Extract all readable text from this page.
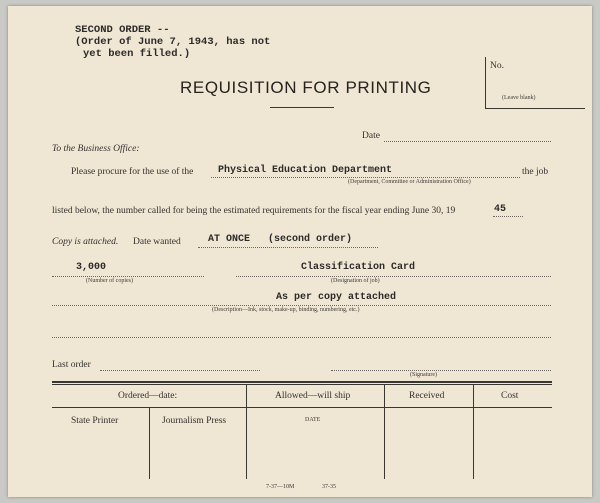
SECOND ORDER --
(Order of June 7, 1943, has not
yet been filled.)
No.
(Leave blank)
REQUISITION FOR PRINTING
Date
To the Business Office:
Please procure for the use of the Physical Education Department
(Department, Committee or Administration Office)
the job
listed below, the number called for being the estimated requirements for the fiscal year ending June 30, 19	45
Copy is attached. Date wanted	AT ONCE   (second order)
3,000
(Number of copies)
Classification Card
(Designation of job)
As per copy attached
(Description—Ink, stock, make-up, binding, numbering, etc.)
Last order
(Signature)
Ordered—date:	Allowed—will ship	Received	Cost
State Printer	Journalism Press	DATE
7-37—10M	37-35
